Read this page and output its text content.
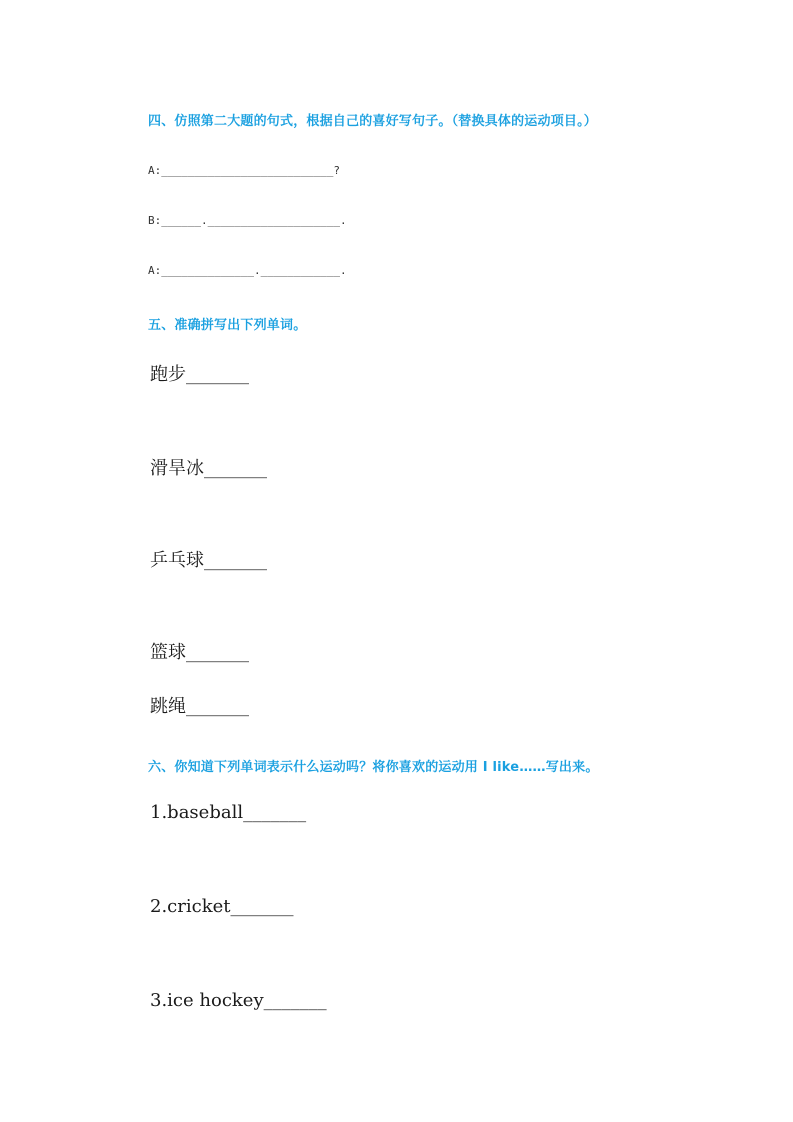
四、仿照第二大题的句式，根据自己的喜好写句子。（替换具体的运动项目。）
A:__________________________?
B:______.____________________.
A:______________.____________.
五、准确拼写出下列单词。
跑步_______
滑旱冰_______
乒乓球_______
篮球_______
跳绳_______
六、你知道下列单词表示什么运动吗？将你喜欢的运动用 I like……写出来。
1.baseball_______
2.cricket_______
3.ice hockey_______
